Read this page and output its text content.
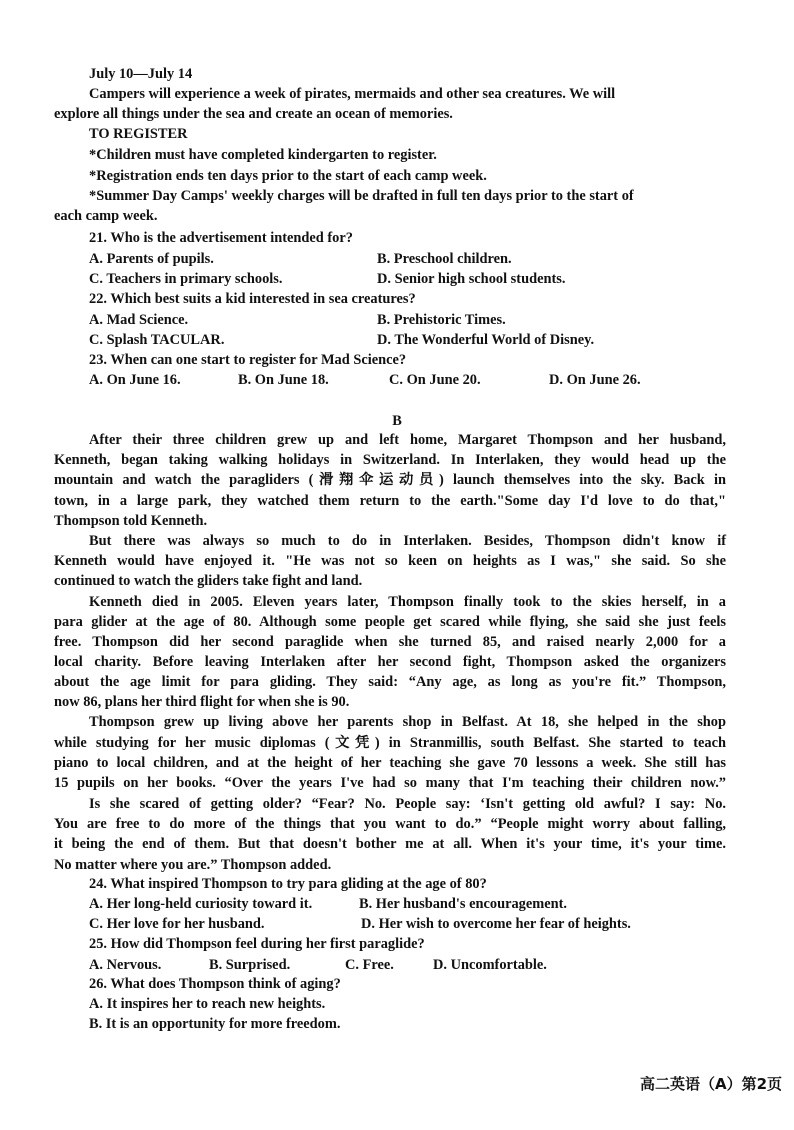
July 10—July 14
Campers will experience a week of pirates, mermaids and other sea creatures. We will
explore all things under the sea and create an ocean of memories.
TO REGISTER
*Children must have completed kindergarten to register.
*Registration ends ten days prior to the start of each camp week.
*Summer Day Camps' weekly charges will be drafted in full ten days prior to the start of
each camp week.
21. Who is the advertisement intended for?
A. Parents of pupils.	B. Preschool children.
C. Teachers in primary schools.	D. Senior high school students.
22. Which best suits a kid interested in sea creatures?
A. Mad Science.	B. Prehistoric Times.
C. Splash TACULAR.	D. The Wonderful World of Disney.
23. When can one start to register for Mad Science?
A. On June 16.	B. On June 18.	C. On June 20.	D. On June 26.
B
After their three children grew up and left home, Margaret Thompson and her husband,
Kenneth, began taking walking holidays in Switzerland. In Interlaken, they would head up the
mountain and watch the paragliders (滑翔伞运动员) launch themselves into the sky. Back in
town, in a large park, they watched them return to the earth."Some day I'd love to do that,"
Thompson told Kenneth.
But there was always so much to do in Interlaken. Besides, Thompson didn't know if
Kenneth would have enjoyed it. "He was not so keen on heights as I was," she said. So she
continued to watch the gliders take fight and land.
Kenneth died in 2005. Eleven years later, Thompson finally took to the skies herself, in a
para glider at the age of 80. Although some people get scared while flying, she said she just feels
free. Thompson did her second paraglide when she turned 85, and raised nearly 2,000 for a
local charity. Before leaving Interlaken after her second fight, Thompson asked the organizers
about the age limit for para gliding. They said: “Any age, as long as you're fit.” Thompson,
now 86, plans her third flight for when she is 90.
Thompson grew up living above her parents shop in Belfast. At 18, she helped in the shop
while studying for her music diplomas (文凭) in Stranmillis, south Belfast. She started to teach
piano to local children, and at the height of her teaching she gave 70 lessons a week. She still has
15 pupils on her books. “Over the years I've had so many that I'm teaching their children now.”
Is she scared of getting older? “Fear? No. People say: ‘Isn't getting old awful? I say: No.
You are free to do more of the things that you want to do.” “People might worry about falling,
it being the end of them. But that doesn't bother me at all. When it's your time, it's your time.
No matter where you are.” Thompson added.
24. What inspired Thompson to try para gliding at the age of 80?
A. Her long-held curiosity toward it.	B. Her husband's encouragement.
C. Her love for her husband.	D. Her wish to overcome her fear of heights.
25. How did Thompson feel during her first paraglide?
A. Nervous.	B. Surprised.	C. Free.	D. Uncomfortable.
26. What does Thompson think of aging?
A. It inspires her to reach new heights.
B. It is an opportunity for more freedom.
高二英语（A）第2页
